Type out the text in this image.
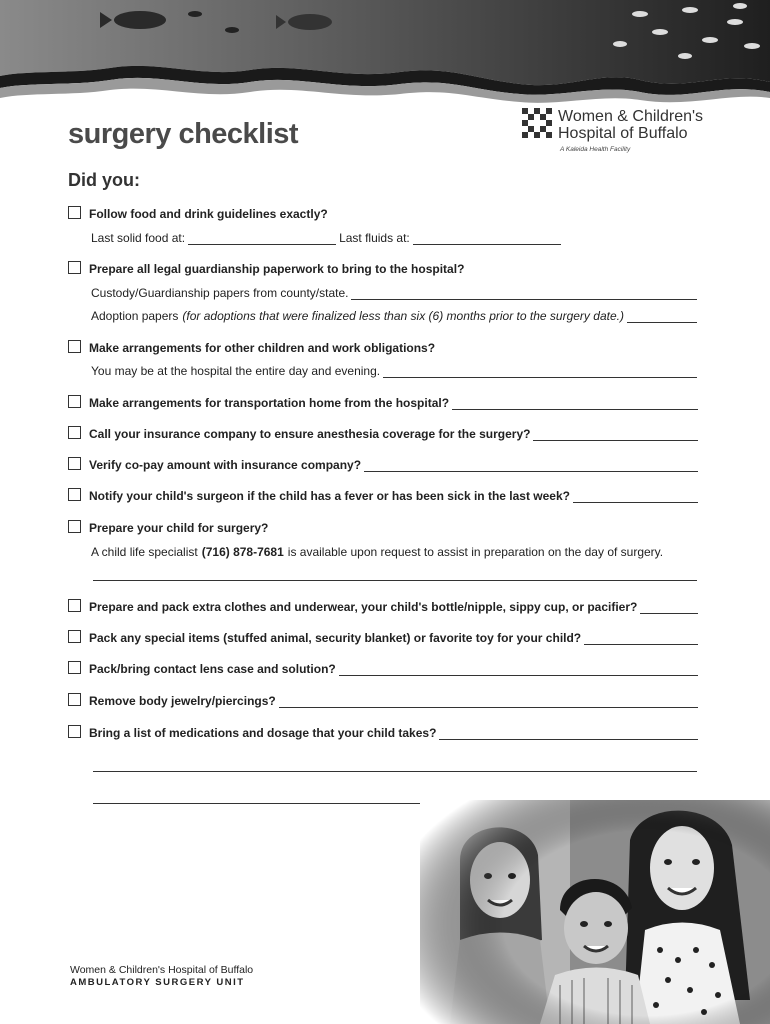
surgery checklist
Women & Children's
Hospital of Buffalo
A Kaleida Health Facility
Did you:
Follow food and drink guidelines exactly?
Last solid food at:	Last fluids at:
Prepare all legal guardianship paperwork to bring to the hospital?
Custody/Guardianship papers from county/state.
Adoption papers (for adoptions that were finalized less than six (6) months prior to the surgery date.)
Make arrangements for other children and work obligations?
You may be at the hospital the entire day and evening.
Make arrangements for transportation home from the hospital?
Call your insurance company to ensure anesthesia coverage for the surgery?
Verify co-pay amount with insurance company?
Notify your child's surgeon if the child has a fever or has been sick in the last week?
Prepare your child for surgery?
A child life specialist (716) 878-7681 is available upon request to assist in preparation on the day of surgery.
Prepare and pack extra clothes and underwear, your child's bottle/nipple, sippy cup, or pacifier?
Pack any special items (stuffed animal, security blanket) or favorite toy for your child?
Pack/bring contact lens case and solution?
Remove body jewelry/piercings?
Bring a list of medications and dosage that your child takes?
Women & Children's Hospital of Buffalo
AMBULATORY SURGERY UNIT
